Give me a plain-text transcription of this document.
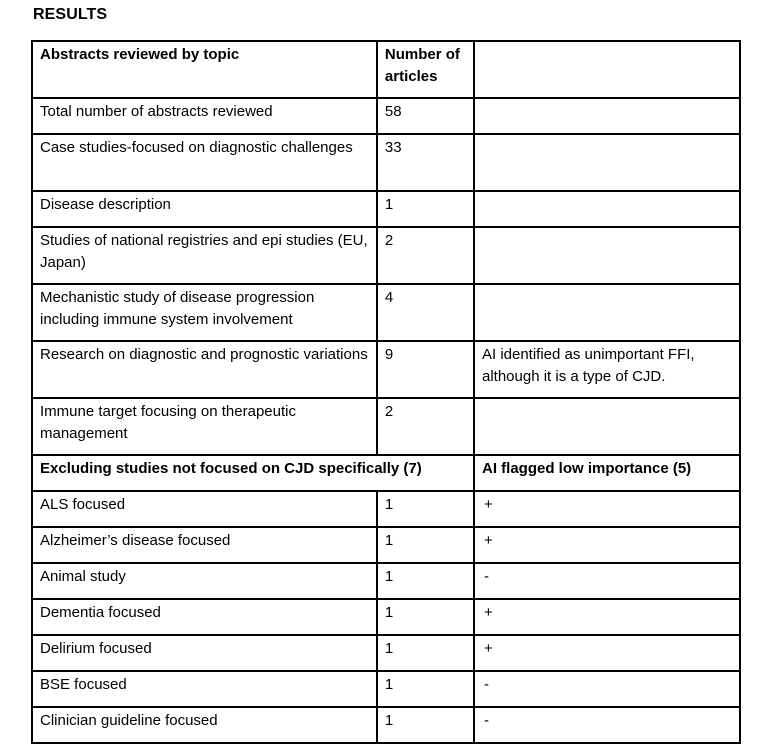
RESULTS
Abstracts reviewed by topic	Number of articles	
Total number of abstracts reviewed	58	
Case studies-focused on diagnostic challenges	33	
Disease description	1	
Studies of national registries and epi studies (EU, Japan)	2	
Mechanistic study of disease progression including immune system involvement	4	
Research on diagnostic and prognostic variations	9	AI identified as unimportant FFI, although it is a type of CJD.
Immune target focusing on therapeutic management	2	
Excluding studies not focused on CJD specifically (7)		AI flagged low importance (5)
ALS focused	1	+
Alzheimer’s disease focused	1	+
Animal study	1	-
Dementia focused	1	+
Delirium focused	1	+
BSE focused	1	-
Clinician guideline focused	1	-
